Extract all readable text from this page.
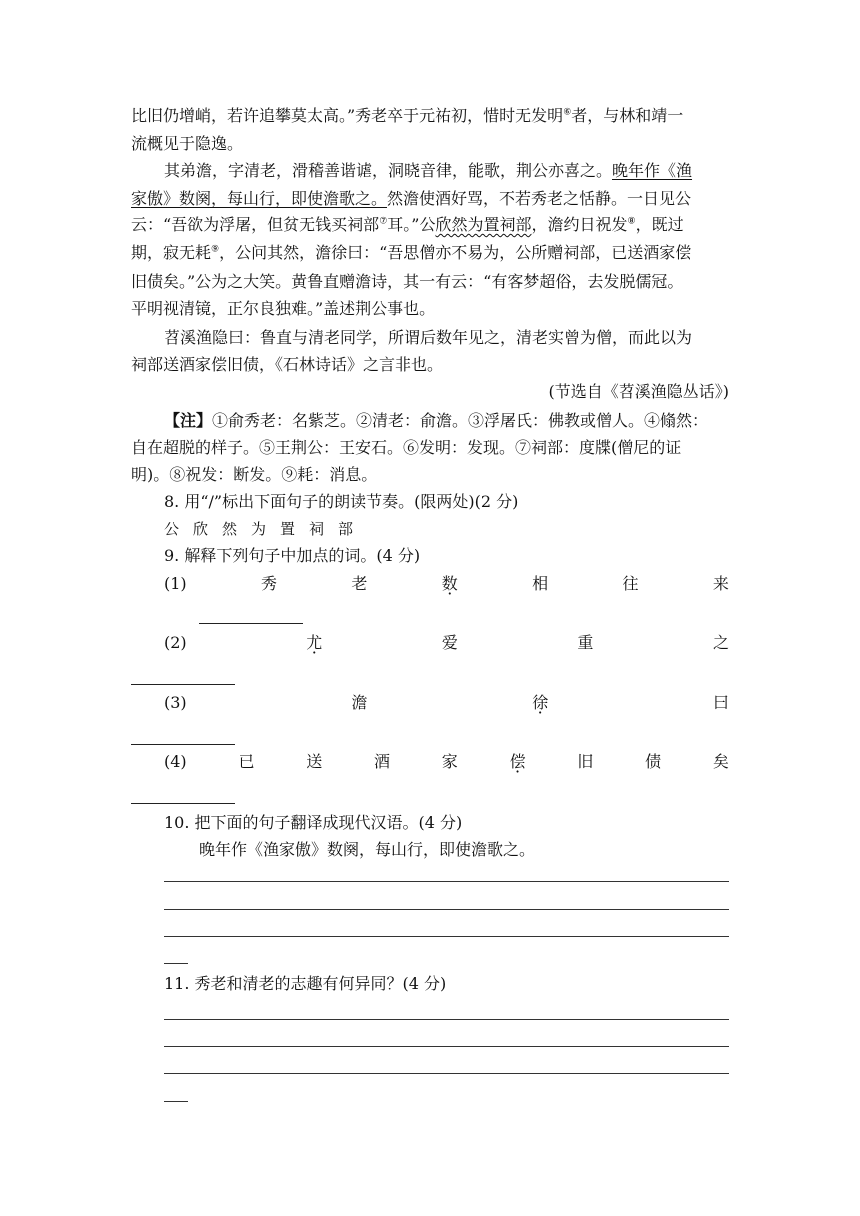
比旧仍增峭，若许追攀莫太高。”秀老卒于元祐初，惜时无发明⑥者，与林和靖一
流概见于隐逸。
其弟澹，字清老，滑稽善谐谑，洞晓音律，能歌，荆公亦喜之。晚年作《渔
家傲》数阕，每山行，即使澹歌之。然澹使酒好骂，不若秀老之恬静。一日见公
云：“吾欲为浮屠，但贫无钱买祠部⑦耳。”公欣然为置祠部，澹约日祝发⑧，既过
期，寂无耗⑨，公问其然，澹徐曰：“吾思僧亦不易为，公所赠祠部，已送酒家偿
旧债矣。”公为之大笑。黄鲁直赠澹诗，其一有云：“有客梦超俗，去发脱儒冠。
平明视清镜，正尔良独难。”盖述荆公事也。
苕溪渔隐曰：鲁直与清老同学，所谓后数年见之，清老实曾为僧，而此以为
祠部送酒家偿旧债，《石林诗话》之言非也。
(节选自《苕溪渔隐丛话》)
【注】①俞秀老：名紫芝。②清老：俞澹。③浮屠氏：佛教或僧人。④翛然：
自在超脱的样子。⑤王荆公：王安石。⑥发明：发现。⑦祠部：度牒(僧尼的证
明)。⑧祝发：断发。⑨耗：消息。
8. 用“/”标出下面句子的朗读节奏。(限两处)(2 分)
公欣然为置祠部
9. 解释下列句子中加点的词。(4 分)
(1)	秀	老	数 ·	相	往	来
(2)	尤 ·	爱	重	之
(3)	澹	徐 ·	曰
(4)	已	送	酒	家	偿 ·	旧	债	矣
10. 把下面的句子翻译成现代汉语。(4 分)
晚年作《渔家傲》数阕，每山行，即使澹歌之。
11. 秀老和清老的志趣有何异同？(4 分)
